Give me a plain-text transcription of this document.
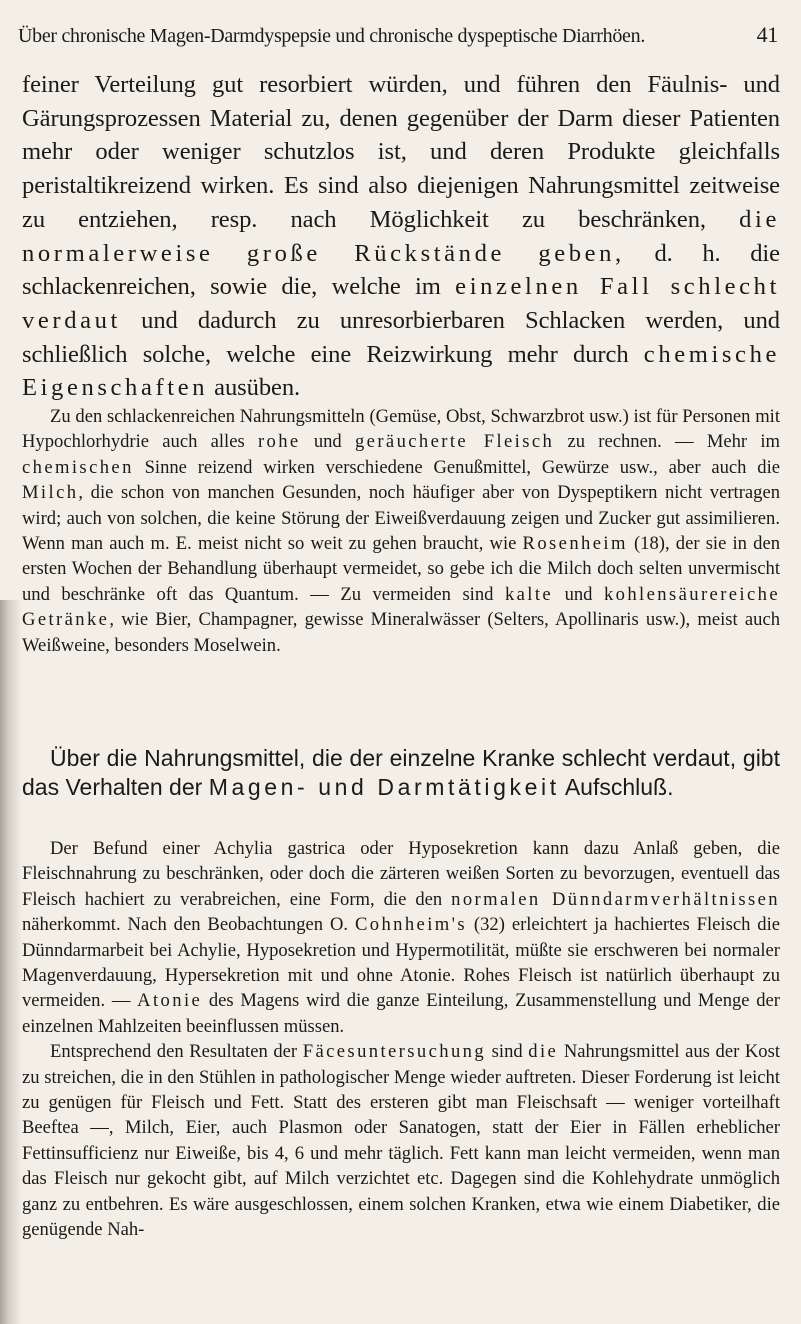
Über chronische Magen-Darmdyspepsie und chronische dyspeptische Diarrhöen.	41

feiner Verteilung gut resorbiert würden, und führen den Fäulnis- und Gärungsprozessen Material zu, denen gegenüber der Darm dieser Patienten mehr oder weniger schutzlos ist, und deren Produkte gleichfalls peristaltikreizend wirken. Es sind also diejenigen Nahrungsmittel zeitweise zu entziehen, resp. nach Möglichkeit zu beschränken, die normalerweise große Rückstände geben, d. h. die schlackenreichen, sowie die, welche im einzelnen Fall schlecht verdaut und dadurch zu unresorbierbaren Schlacken werden, und schließlich solche, welche eine Reizwirkung mehr durch chemische Eigenschaften ausüben.

Zu den schlackenreichen Nahrungsmitteln (Gemüse, Obst, Schwarzbrot usw.) ist für Personen mit Hypochlorhydrie auch alles rohe und geräucherte Fleisch zu rechnen. — Mehr im chemischen Sinne reizend wirken verschiedene Genußmittel, Gewürze usw., aber auch die Milch, die schon von manchen Gesunden, noch häufiger aber von Dyspeptikern nicht vertragen wird; auch von solchen, die keine Störung der Eiweißverdauung zeigen und Zucker gut assimilieren. Wenn man auch m. E. meist nicht so weit zu gehen braucht, wie Rosenheim (18), der sie in den ersten Wochen der Behandlung überhaupt vermeidet, so gebe ich die Milch doch selten unvermischt und beschränke oft das Quantum. — Zu vermeiden sind kalte und kohlensäurereiche Getränke, wie Bier, Champagner, gewisse Mineralwässer (Selters, Apollinaris usw.), meist auch Weißweine, besonders Moselwein.

Über die Nahrungsmittel, die der einzelne Kranke schlecht verdaut, gibt das Verhalten der Magen- und Darmtätigkeit Aufschluß.

Der Befund einer Achylia gastrica oder Hyposekretion kann dazu Anlaß geben, die Fleischnahrung zu beschränken, oder doch die zärteren weißen Sorten zu bevorzugen, eventuell das Fleisch hachiert zu verabreichen, eine Form, die den normalen Dünndarmverhältnissen näherkommt. Nach den Beobachtungen O. Cohnheim's (32) erleichtert ja hachiertes Fleisch die Dünndarmarbeit bei Achylie, Hyposekretion und Hypermotilität, müßte sie erschweren bei normaler Magenverdauung, Hypersekretion mit und ohne Atonie. Rohes Fleisch ist natürlich überhaupt zu vermeiden. — Atonie des Magens wird die ganze Einteilung, Zusammenstellung und Menge der einzelnen Mahlzeiten beeinflussen müssen.

Entsprechend den Resultaten der Fäcesuntersuchung sind die Nahrungsmittel aus der Kost zu streichen, die in den Stühlen in pathologischer Menge wieder auftreten. Dieser Forderung ist leicht zu genügen für Fleisch und Fett. Statt des ersteren gibt man Fleischsaft — weniger vorteilhaft Beeftea —, Milch, Eier, auch Plasmon oder Sanatogen, statt der Eier in Fällen erheblicher Fettinsufficienz nur Eiweiße, bis 4, 6 und mehr täglich. Fett kann man leicht vermeiden, wenn man das Fleisch nur gekocht gibt, auf Milch verzichtet etc. Dagegen sind die Kohlehydrate unmöglich ganz zu entbehren. Es wäre ausgeschlossen, einem solchen Kranken, etwa wie einem Diabetiker, die genügende Nah-
